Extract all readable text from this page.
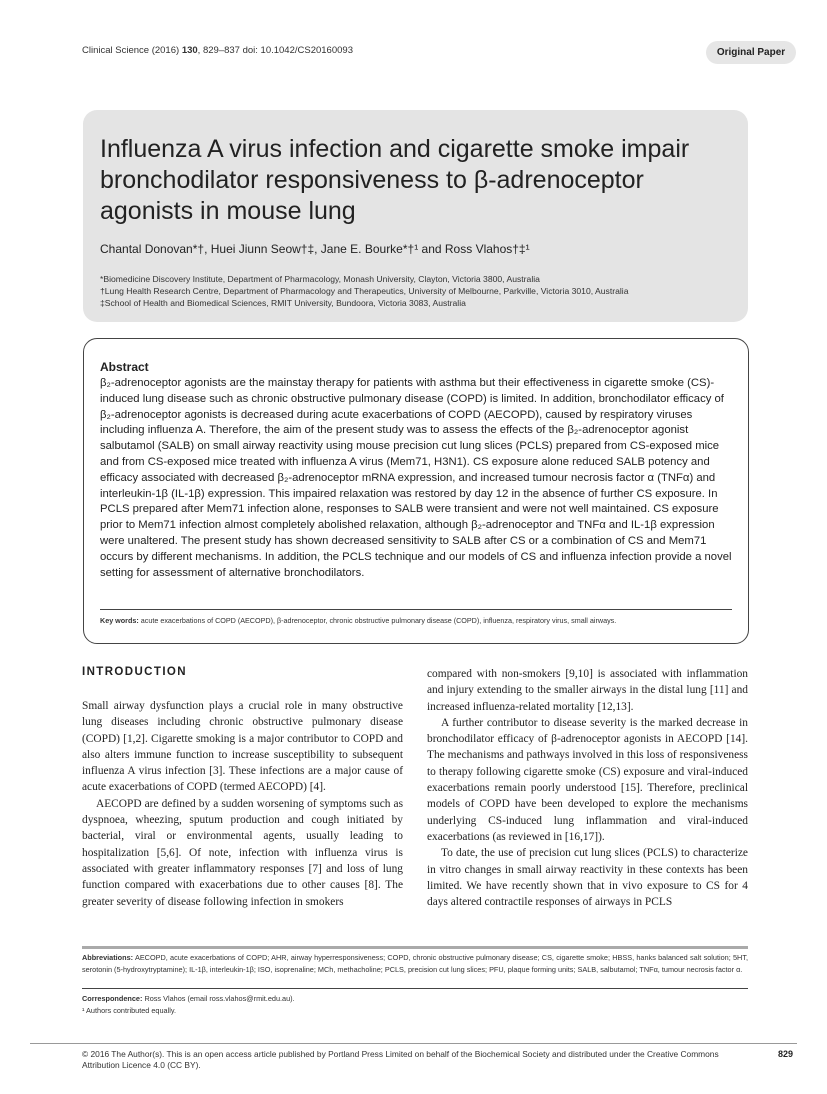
Clinical Science (2016) 130, 829–837 doi: 10.1042/CS20160093	Original Paper
Influenza A virus infection and cigarette smoke impair bronchodilator responsiveness to β-adrenoceptor agonists in mouse lung
Chantal Donovan*†, Huei Jiunn Seow†‡, Jane E. Bourke*†¹ and Ross Vlahos†‡¹
*Biomedicine Discovery Institute, Department of Pharmacology, Monash University, Clayton, Victoria 3800, Australia
†Lung Health Research Centre, Department of Pharmacology and Therapeutics, University of Melbourne, Parkville, Victoria 3010, Australia
‡School of Health and Biomedical Sciences, RMIT University, Bundoora, Victoria 3083, Australia
Abstract
β₂-adrenoceptor agonists are the mainstay therapy for patients with asthma but their effectiveness in cigarette smoke (CS)-induced lung disease such as chronic obstructive pulmonary disease (COPD) is limited. In addition, bronchodilator efficacy of β₂-adrenoceptor agonists is decreased during acute exacerbations of COPD (AECOPD), caused by respiratory viruses including influenza A. Therefore, the aim of the present study was to assess the effects of the β₂-adrenoceptor agonist salbutamol (SALB) on small airway reactivity using mouse precision cut lung slices (PCLS) prepared from CS-exposed mice and from CS-exposed mice treated with influenza A virus (Mem71, H3N1). CS exposure alone reduced SALB potency and efficacy associated with decreased β₂-adrenoceptor mRNA expression, and increased tumour necrosis factor α (TNFα) and interleukin-1β (IL-1β) expression. This impaired relaxation was restored by day 12 in the absence of further CS exposure. In PCLS prepared after Mem71 infection alone, responses to SALB were transient and were not well maintained. CS exposure prior to Mem71 infection almost completely abolished relaxation, although β₂-adrenoceptor and TNFα and IL-1β expression were unaltered. The present study has shown decreased sensitivity to SALB after CS or a combination of CS and Mem71 occurs by different mechanisms. In addition, the PCLS technique and our models of CS and influenza infection provide a novel setting for assessment of alternative bronchodilators.
Key words: acute exacerbations of COPD (AECOPD), β-adrenoceptor, chronic obstructive pulmonary disease (COPD), influenza, respiratory virus, small airways.
INTRODUCTION

Small airway dysfunction plays a crucial role in many obstructive lung diseases including chronic obstructive pulmonary disease (COPD) [1,2]. Cigarette smoking is a major contributor to COPD and also alters immune function to increase susceptibility to subsequent influenza A virus infection [3]. These infections are a major cause of acute exacerbations of COPD (termed AECOPD) [4].

AECOPD are defined by a sudden worsening of symptoms such as dyspnoea, wheezing, sputum production and cough initiated by bacterial, viral or environmental agents, usually leading to hospitalization [5,6]. Of note, infection with influenza virus is associated with greater inflammatory responses [7] and loss of lung function compared with exacerbations due to other causes [8]. The greater severity of disease following infection in smokers

compared with non-smokers [9,10] is associated with inflammation and injury extending to the smaller airways in the distal lung [11] and increased influenza-related mortality [12,13].

A further contributor to disease severity is the marked decrease in bronchodilator efficacy of β-adrenoceptor agonists in AECOPD [14]. The mechanisms and pathways involved in this loss of responsiveness to therapy following cigarette smoke (CS) exposure and viral-induced exacerbations remain poorly understood [15]. Therefore, preclinical models of COPD have been developed to explore the mechanisms underlying CS-induced lung inflammation and viral-induced exacerbations (as reviewed in [16,17]).

To date, the use of precision cut lung slices (PCLS) to characterize in vitro changes in small airway reactivity in these contexts has been limited. We have recently shown that in vivo exposure to CS for 4 days altered contractile responses of airways in PCLS

Abbreviations: AECOPD, acute exacerbations of COPD; AHR, airway hyperresponsiveness; COPD, chronic obstructive pulmonary disease; CS, cigarette smoke; HBSS, hanks balanced salt solution; 5HT, serotonin (5-hydroxytryptamine); IL-1β, interleukin-1β; ISO, isoprenaline; MCh, methacholine; PCLS, precision cut lung slices; PFU, plaque forming units; SALB, salbutamol; TNFα, tumour necrosis factor α.
Correspondence: Ross Vlahos (email ross.vlahos@rmit.edu.au).
¹ Authors contributed equally.
© 2016 The Author(s). This is an open access article published by Portland Press Limited on behalf of the Biochemical Society and distributed under the Creative Commons Attribution Licence 4.0 (CC BY).
829
